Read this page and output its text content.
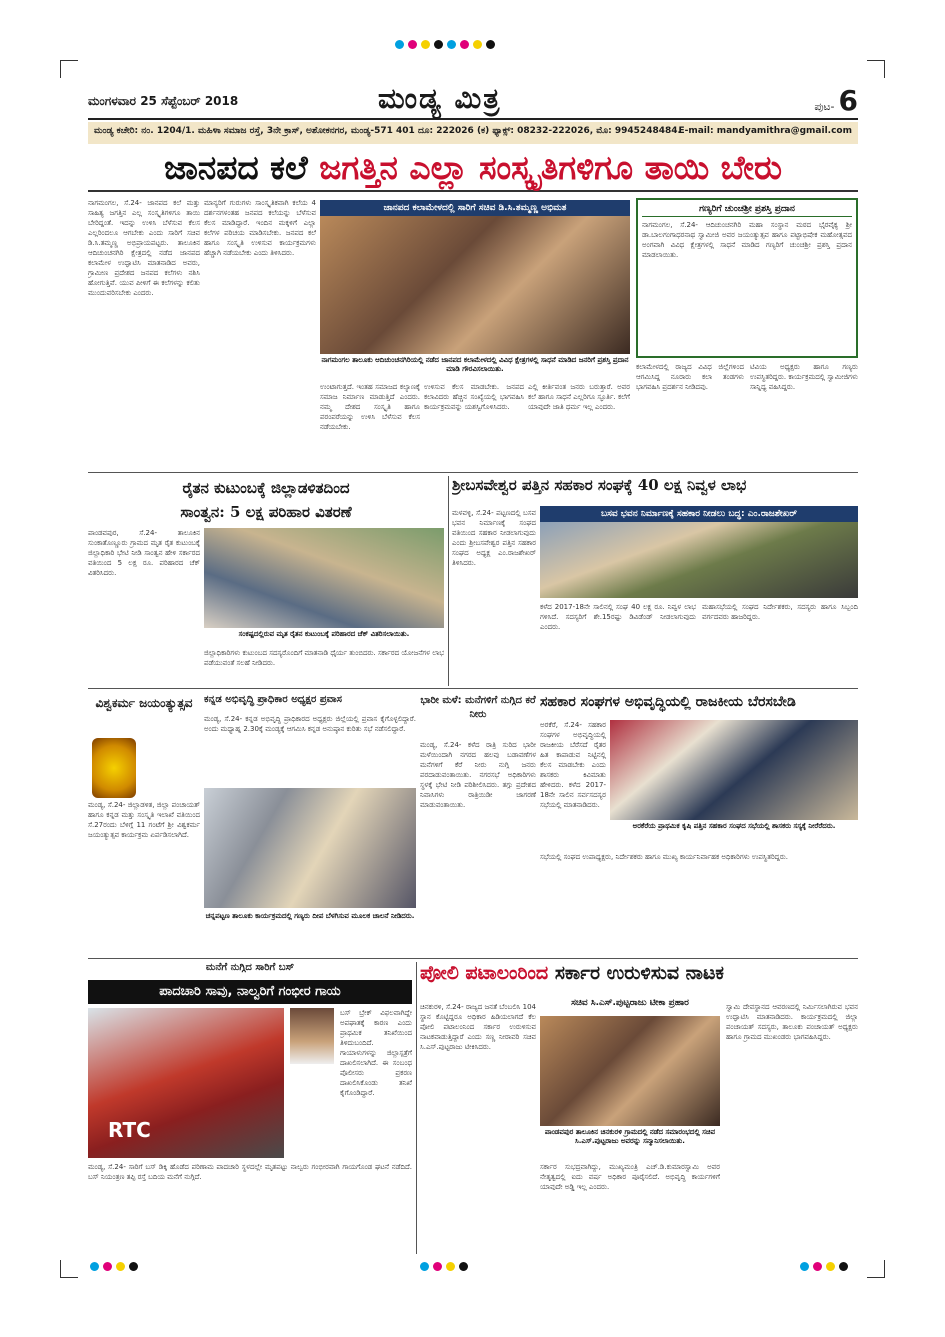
ಮಂಗಳವಾರ 25 ಸೆಪ್ಟೆಂಬರ್ 2018	ಮಂಡ್ಯ ಮಿತ್ರ	ಪುಟ- 6
ಮಂಡ್ಯ ಕಚೇರಿ: ನಂ. 1204/1. ಮಹಿಳಾ ಸಮಾಜ ರಸ್ತೆ, 3ನೇ ಕ್ರಾಸ್, ಅಶೋಕನಗರ, ಮಂಡ್ಯ-571 401 ದೂ: 222026 (ಕ) ಫ್ಯಾಕ್ಸ್: 08232-222026, ಮೊ: 9945248484.
E-mail: mandyamithra@gmail.com
ಜಾನಪದ ಕಲೆ ಜಗತ್ತಿನ ಎಲ್ಲಾ ಸಂಸ್ಕೃತಿಗಳಿಗೂ ತಾಯಿ ಬೇರು
ನಾಗಮಂಗಲ, ಸೆ.24- ಜಾನಪದ ಕಲೆ ಮತ್ತು ಸಾಹಿತ್ಯ ಜಗತ್ತಿನ ಎಲ್ಲ ಸಂಸ್ಕೃತಿಗಳಿಗೂ ತಾಯಿ ಬೇರಿದ್ದಂತೆ. ಇದನ್ನು ಉಳಿಸಿ ಬೆಳೆಸುವ ಕೆಲಸ ಎಲ್ಲರಿಂದಲೂ ಆಗಬೇಕು ಎಂದು ಸಾರಿಗೆ ಸಚಿವ ಡಿ.ಸಿ.ತಮ್ಮಣ್ಣ ಅಭಿಪ್ರಾಯಪಟ್ಟರು. ತಾಲೂಕಿನ ಆದಿಚುಂಚನಗಿರಿ ಕ್ಷೇತ್ರದಲ್ಲಿ ನಡೆದ ಜಾನಪದ ಕಲಾಮೇಳ ಉದ್ಘಾಟಿಸಿ ಮಾತನಾಡಿದ ಅವರು, ಗ್ರಾಮೀಣ ಪ್ರದೇಶದ ಜನಪದ ಕಲೆಗಳು ನಶಿಸಿ ಹೋಗುತ್ತಿವೆ. ಯುವ ಪೀಳಿಗೆ ಈ ಕಲೆಗಳನ್ನು ಕಲಿತು ಮುಂದುವರಿಸಬೇಕು ಎಂದರು.
ಮಾನ್ಯರಿಗೆ ಗುರುಗಳು ಸಾಂಸ್ಕೃತಿಕವಾಗಿ ಕಲೆಯ 4 ದರ್ಶನಗಳಂತಹ ಜನಪದ ಕಲೆಯನ್ನು ಬೆಳೆಸುವ ಕೆಲಸ ಮಾಡಿದ್ದಾರೆ. ಇಂದಿನ ಮಕ್ಕಳಿಗೆ ಎಲ್ಲಾ ಕಲೆಗಳ ಪರಿಚಯ ಮಾಡಿಸಬೇಕು. ಜನಪದ ಕಲೆ ಹಾಗೂ ಸಂಸ್ಕೃತಿ ಉಳಿಸುವ ಕಾರ್ಯಕ್ರಮಗಳು ಹೆಚ್ಚಾಗಿ ನಡೆಯಬೇಕು ಎಂದು ತಿಳಿಸಿದರು.
ಜಾನಪದ ಕಲಾಮೇಳದಲ್ಲಿ ಸಾರಿಗೆ ಸಚಿವ ಡಿ.ಸಿ.ತಮ್ಮಣ್ಣ ಅಭಿಮತ
ನಾಗಮಂಗಲ ತಾಲೂಕು ಆದಿಚುಂಚನಗಿರಿಯಲ್ಲಿ ನಡೆದ ಜಾನಪದ ಕಲಾಮೇಳದಲ್ಲಿ ವಿವಿಧ ಕ್ಷೇತ್ರಗಳಲ್ಲಿ ಸಾಧನೆ ಮಾಡಿದ ಜನರಿಗೆ ಪ್ರಶಸ್ತಿ ಪ್ರದಾನ ಮಾಡಿ ಗೌರವಿಸಲಾಯಿತು.
ಉಂಟಾಗುತ್ತದೆ. ಇಂತಹ ಸಮಾಜದ ಕಲ್ಯಾಣಕ್ಕೆ ಸಮಾಜ ನಿರ್ಮಾಣ ಮಾಡುತ್ತಿದೆ ಎಂದರು. ನಮ್ಮ ದೇಶದ ಸಂಸ್ಕೃತಿ ಹಾಗೂ ಪರಂಪರೆಯನ್ನು ಉಳಿಸಿ ಬೆಳೆಸುವ ಕೆಲಸ ನಡೆಯಬೇಕು.
ಉಳಿಸುವ ಕೆಲಸ ಮಾಡಬೇಕು. ಜನಪದ ಕಲಾವಿದರು ಹೆಚ್ಚಿನ ಸಂಖ್ಯೆಯಲ್ಲಿ ಭಾಗವಹಿಸಿ ಕಾರ್ಯಕ್ರಮವನ್ನು ಯಶಸ್ವಿಗೊಳಿಸಿದರು.
ಎಲ್ಲಿ ಕೀರ್ತಿವಂತ ಜನರು ಬರುತ್ತಾರೆ. ಅವರ ಕಲೆ ಹಾಗೂ ಸಾಧನೆ ಎಲ್ಲರಿಗೂ ಸ್ಫೂರ್ತಿ. ಕಲೆಗೆ ಯಾವುದೇ ಜಾತಿ ಧರ್ಮ ಇಲ್ಲ ಎಂದರು.
ಗಣ್ಯರಿಗೆ ಚುಂಚಶ್ರೀ ಪ್ರಶಸ್ತಿ ಪ್ರದಾನ
ನಾಗಮಂಗಲ, ಸೆ.24- ಆದಿಚುಂಚನಗಿರಿ ಮಹಾ ಸಂಸ್ಥಾನ ಮಠದ ಭೈರವೈಕ್ಯ ಶ್ರೀ ಡಾ.ಬಾಲಗಂಗಾಧರನಾಥ ಸ್ವಾಮೀಜಿ ಅವರ ಜಯಂತ್ಯುತ್ಸವ ಹಾಗೂ ಪಟ್ಟಾಭಿಷೇಕ ಮಹೋತ್ಸವದ ಅಂಗವಾಗಿ ವಿವಿಧ ಕ್ಷೇತ್ರಗಳಲ್ಲಿ ಸಾಧನೆ ಮಾಡಿದ ಗಣ್ಯರಿಗೆ ಚುಂಚಶ್ರೀ ಪ್ರಶಸ್ತಿ ಪ್ರದಾನ ಮಾಡಲಾಯಿತು.
ಕಲಾಮೇಳದಲ್ಲಿ ರಾಜ್ಯದ ವಿವಿಧ ಜಿಲ್ಲೆಗಳಿಂದ ಆಗಮಿಸಿದ್ದ ನೂರಾರು ಕಲಾ ತಂಡಗಳು ಭಾಗವಹಿಸಿ ಪ್ರದರ್ಶನ ನೀಡಿದವು.
ಟಿವಿಯ ಅಧ್ಯಕ್ಷರು ಹಾಗೂ ಗಣ್ಯರು ಉಪಸ್ಥಿತರಿದ್ದರು. ಕಾರ್ಯಕ್ರಮದಲ್ಲಿ ಸ್ವಾಮೀಜಿಗಳು ಸಾನ್ನಿಧ್ಯ ವಹಿಸಿದ್ದರು.
ರೈತನ ಕುಟುಂಬಕ್ಕೆ ಜಿಲ್ಲಾಡಳಿತದಿಂದ
ಸಾಂತ್ವನ: 5 ಲಕ್ಷ ಪರಿಹಾರ ವಿತರಣೆ
ಪಾಂಡವಪುರ, ಸೆ.24- ತಾಲೂಕಿನ ಸುಂಕಾತೊಣ್ಣೂರು ಗ್ರಾಮದ ಮೃತ ರೈತ ಕುಟುಂಬಕ್ಕೆ ಜಿಲ್ಲಾಧಿಕಾರಿ ಭೇಟಿ ನೀಡಿ ಸಾಂತ್ವನ ಹೇಳಿ ಸರ್ಕಾರದ ವತಿಯಿಂದ 5 ಲಕ್ಷ ರೂ. ಪರಿಹಾರದ ಚೆಕ್ ವಿತರಿಸಿದರು.
ಸಂಕಷ್ಟದಲ್ಲಿರುವ ಮೃತ ರೈತನ ಕುಟುಂಬಕ್ಕೆ ಪರಿಹಾರದ ಚೆಕ್ ವಿತರಿಸಲಾಯಿತು.
ಜಿಲ್ಲಾಧಿಕಾರಿಗಳು ಕುಟುಂಬದ ಸದಸ್ಯರೊಂದಿಗೆ ಮಾತನಾಡಿ ಧೈರ್ಯ ತುಂಬಿದರು. ಸರ್ಕಾರದ ಯೋಜನೆಗಳ ಲಾಭ ಪಡೆಯುವಂತೆ ಸಲಹೆ ನೀಡಿದರು.
ಶ್ರೀಬಸವೇಶ್ವರ ಪತ್ತಿನ ಸಹಕಾರ ಸಂಘಕ್ಕೆ 40 ಲಕ್ಷ ನಿವ್ವಳ ಲಾಭ
ಬಸವ ಭವನ ನಿರ್ಮಾಣಕ್ಕೆ ಸಹಕಾರ ನೀಡಲು ಬದ್ಧ: ಎಂ.ರಾಜಶೇಖರ್
ಮಳವಳ್ಳಿ, ಸೆ.24- ಪಟ್ಟಣದಲ್ಲಿ ಬಸವ ಭವನ ನಿರ್ಮಾಣಕ್ಕೆ ಸಂಘದ ವತಿಯಿಂದ ಸಹಕಾರ ನೀಡಲಾಗುವುದು ಎಂದು ಶ್ರೀಬಸವೇಶ್ವರ ಪತ್ತಿನ ಸಹಕಾರ ಸಂಘದ ಅಧ್ಯಕ್ಷ ಎಂ.ರಾಜಶೇಖರ್ ತಿಳಿಸಿದರು.
ಕಳೆದ 2017-18ನೇ ಸಾಲಿನಲ್ಲಿ ಸಂಘ 40 ಲಕ್ಷ ರೂ. ನಿವ್ವಳ ಲಾಭ ಗಳಿಸಿದೆ. ಸದಸ್ಯರಿಗೆ ಶೇ.15ರಷ್ಟು ಡಿವಿಡೆಂಡ್ ನೀಡಲಾಗುವುದು ಎಂದರು.
ಮಹಾಸಭೆಯಲ್ಲಿ ಸಂಘದ ನಿರ್ದೇಶಕರು, ಸದಸ್ಯರು ಹಾಗೂ ಸಿಬ್ಬಂದಿ ವರ್ಗದವರು ಹಾಜರಿದ್ದರು.
ವಿಶ್ವಕರ್ಮ ಜಯಂತ್ಯುತ್ಸವ
ಮಂಡ್ಯ, ಸೆ.24- ಜಿಲ್ಲಾಡಳಿತ, ಜಿಲ್ಲಾ ಪಂಚಾಯತ್ ಹಾಗೂ ಕನ್ನಡ ಮತ್ತು ಸಂಸ್ಕೃತಿ ಇಲಾಖೆ ವತಿಯಿಂದ ಸೆ.27ರಂದು ಬೆಳಿಗ್ಗೆ 11 ಗಂಟೆಗೆ ಶ್ರೀ ವಿಶ್ವಕರ್ಮ ಜಯಂತ್ಯುತ್ಸವ ಕಾರ್ಯಕ್ರಮ ಏರ್ಪಡಿಸಲಾಗಿದೆ.
ಕನ್ನಡ ಅಭಿವೃದ್ಧಿ ಪ್ರಾಧಿಕಾರ ಅಧ್ಯಕ್ಷರ ಪ್ರವಾಸ
ಮಂಡ್ಯ, ಸೆ.24- ಕನ್ನಡ ಅಭಿವೃದ್ಧಿ ಪ್ರಾಧಿಕಾರದ ಅಧ್ಯಕ್ಷರು ಜಿಲ್ಲೆಯಲ್ಲಿ ಪ್ರವಾಸ ಕೈಗೊಳ್ಳಲಿದ್ದಾರೆ. ಅಂದು ಮಧ್ಯಾಹ್ನ 2.30ಕ್ಕೆ ಮಂಡ್ಯಕ್ಕೆ ಆಗಮಿಸಿ ಕನ್ನಡ ಅನುಷ್ಠಾನ ಕುರಿತು ಸಭೆ ನಡೆಸಲಿದ್ದಾರೆ.
ಚನ್ನಪಟ್ಟಣ ತಾಲೂಕು ಕಾರ್ಯಕ್ರಮದಲ್ಲಿ ಗಣ್ಯರು ದೀಪ ಬೆಳಗಿಸುವ ಮೂಲಕ ಚಾಲನೆ ನೀಡಿದರು.
ಭಾರೀ ಮಳೆ: ಮನೆಗಳಿಗೆ ನುಗ್ಗಿದ ಕರೆ ನೀರು
ಮಂಡ್ಯ, ಸೆ.24- ಕಳೆದ ರಾತ್ರಿ ಸುರಿದ ಭಾರೀ ಮಳೆಯಿಂದಾಗಿ ನಗರದ ಹಲವು ಬಡಾವಣೆಗಳ ಮನೆಗಳಿಗೆ ಕೆರೆ ನೀರು ನುಗ್ಗಿ ಜನರು ಪರದಾಡುವಂತಾಯಿತು. ನಗರಸಭೆ ಅಧಿಕಾರಿಗಳು ಸ್ಥಳಕ್ಕೆ ಭೇಟಿ ನೀಡಿ ಪರಿಶೀಲಿಸಿದರು. ತಗ್ಗು ಪ್ರದೇಶದ ನಿವಾಸಿಗಳು ರಾತ್ರಿಯಿಡೀ ಜಾಗರಣೆ ಮಾಡುವಂತಾಯಿತು.
ಸಹಕಾರ ಸಂಘಗಳ ಅಭಿವೃದ್ಧಿಯಲ್ಲಿ ರಾಜಕೀಯ ಬೆರಸಬೇಡಿ
ಅರಕೆರೆ, ಸೆ.24- ಸಹಕಾರ ಸಂಘಗಳ ಅಭಿವೃದ್ಧಿಯಲ್ಲಿ ರಾಜಕೀಯ ಬೆರೆಸದೆ ರೈತರ ಹಿತ ಕಾಪಾಡುವ ನಿಟ್ಟಿನಲ್ಲಿ ಕೆಲಸ ಮಾಡಬೇಕು ಎಂದು ಶಾಸಕರು ಕಿವಿಮಾತು ಹೇಳಿದರು. ಕಳೆದ 2017-18ನೇ ಸಾಲಿನ ಸರ್ವಸದಸ್ಯರ ಸಭೆಯಲ್ಲಿ ಮಾತನಾಡಿದರು.
ಅರಕೆರೆಯ ಪ್ರಾಥಮಿಕ ಕೃಷಿ ಪತ್ತಿನ ಸಹಕಾರ ಸಂಘದ ಸಭೆಯಲ್ಲಿ ಶಾಸಕರು ಸಸ್ಯಕ್ಕೆ ನೀರೆರೆದರು.
ಸಭೆಯಲ್ಲಿ ಸಂಘದ ಉಪಾಧ್ಯಕ್ಷರು, ನಿರ್ದೇಶಕರು ಹಾಗೂ ಮುಖ್ಯ ಕಾರ್ಯನಿರ್ವಾಹಕ ಅಧಿಕಾರಿಗಳು ಉಪಸ್ಥಿತರಿದ್ದರು.
ಮನೆಗೆ ನುಗ್ಗಿದ ಸಾರಿಗೆ ಬಸ್
ಪಾದಚಾರಿ ಸಾವು, ನಾಲ್ವರಿಗೆ ಗಂಭೀರ ಗಾಯ
RTC
ಬಸ್ ಬ್ರೇಕ್ ವಿಫಲವಾಗಿದ್ದೇ ಅಪಘಾತಕ್ಕೆ ಕಾರಣ ಎಂದು ಪ್ರಾಥಮಿಕ ತನಿಖೆಯಿಂದ ತಿಳಿದುಬಂದಿದೆ. ಗಾಯಾಳುಗಳನ್ನು ಜಿಲ್ಲಾಸ್ಪತ್ರೆಗೆ ದಾಖಲಿಸಲಾಗಿದೆ. ಈ ಸಂಬಂಧ ಪೊಲೀಸರು ಪ್ರಕರಣ ದಾಖಲಿಸಿಕೊಂಡು ತನಿಖೆ ಕೈಗೊಂಡಿದ್ದಾರೆ.
ಮಂಡ್ಯ, ಸೆ.24- ಸಾರಿಗೆ ಬಸ್ ಡಿಕ್ಕಿ ಹೊಡೆದ ಪರಿಣಾಮ ಪಾದಚಾರಿ ಸ್ಥಳದಲ್ಲೇ ಮೃತಪಟ್ಟು ನಾಲ್ವರು ಗಂಭೀರವಾಗಿ ಗಾಯಗೊಂಡ ಘಟನೆ ನಡೆದಿದೆ. ಬಸ್ ನಿಯಂತ್ರಣ ತಪ್ಪಿ ರಸ್ತೆ ಬದಿಯ ಮನೆಗೆ ನುಗ್ಗಿದೆ.
ಪೋಲಿ ಪಟಾಲಂರಿಂದ ಸರ್ಕಾರ ಉರುಳಿಸುವ ನಾಟಕ
ಸಚಿವ ಸಿ.ಎಸ್.ಪುಟ್ಟರಾಜು ಟೀಕಾ ಪ್ರಹಾರ
ಚಿನಕುರಳಿ, ಸೆ.24- ರಾಜ್ಯದ ಜನತೆ ಬೆಂಬಲಿಸಿ 104 ಸ್ಥಾನ ಕೊಟ್ಟಿದ್ದರೂ ಅಧಿಕಾರ ಹಿಡಿಯಲಾಗದೆ ಕೆಲ ಪೋಲಿ ಪಟಾಲಂನಿಂದ ಸರ್ಕಾರ ಉರುಳಿಸುವ ನಾಟಕವಾಡುತ್ತಿದ್ದಾರೆ ಎಂದು ಸಣ್ಣ ನೀರಾವರಿ ಸಚಿವ ಸಿ.ಎಸ್.ಪುಟ್ಟರಾಜು ಟೀಕಿಸಿದರು.
ಪಾಂಡವಪುರ ತಾಲೂಕಿನ ಚಿನಕುರಳಿ ಗ್ರಾಮದಲ್ಲಿ ನಡೆದ ಸಮಾರಂಭದಲ್ಲಿ ಸಚಿವ ಸಿ.ಎಸ್.ಪುಟ್ಟರಾಜು ಅವರನ್ನು ಸನ್ಮಾನಿಸಲಾಯಿತು.
ಸರ್ಕಾರ ಸುಭದ್ರವಾಗಿದ್ದು, ಮುಖ್ಯಮಂತ್ರಿ ಎಚ್.ಡಿ.ಕುಮಾರಸ್ವಾಮಿ ಅವರ ನೇತೃತ್ವದಲ್ಲಿ ಐದು ವರ್ಷ ಅಧಿಕಾರ ಪೂರೈಸಲಿದೆ. ಅಭಿವೃದ್ಧಿ ಕಾರ್ಯಗಳಿಗೆ ಯಾವುದೇ ಅಡ್ಡಿ ಇಲ್ಲ ಎಂದರು.
ಸ್ವಾಮಿ ದೇವಸ್ಥಾನದ ಆವರಣದಲ್ಲಿ ನಿರ್ಮಿಸಲಾಗಿರುವ ಭವನ ಉದ್ಘಾಟಿಸಿ ಮಾತನಾಡಿದರು. ಕಾರ್ಯಕ್ರಮದಲ್ಲಿ ಜಿಲ್ಲಾ ಪಂಚಾಯತ್ ಸದಸ್ಯರು, ತಾಲೂಕು ಪಂಚಾಯತ್ ಅಧ್ಯಕ್ಷರು ಹಾಗೂ ಗ್ರಾಮದ ಮುಖಂಡರು ಭಾಗವಹಿಸಿದ್ದರು.
